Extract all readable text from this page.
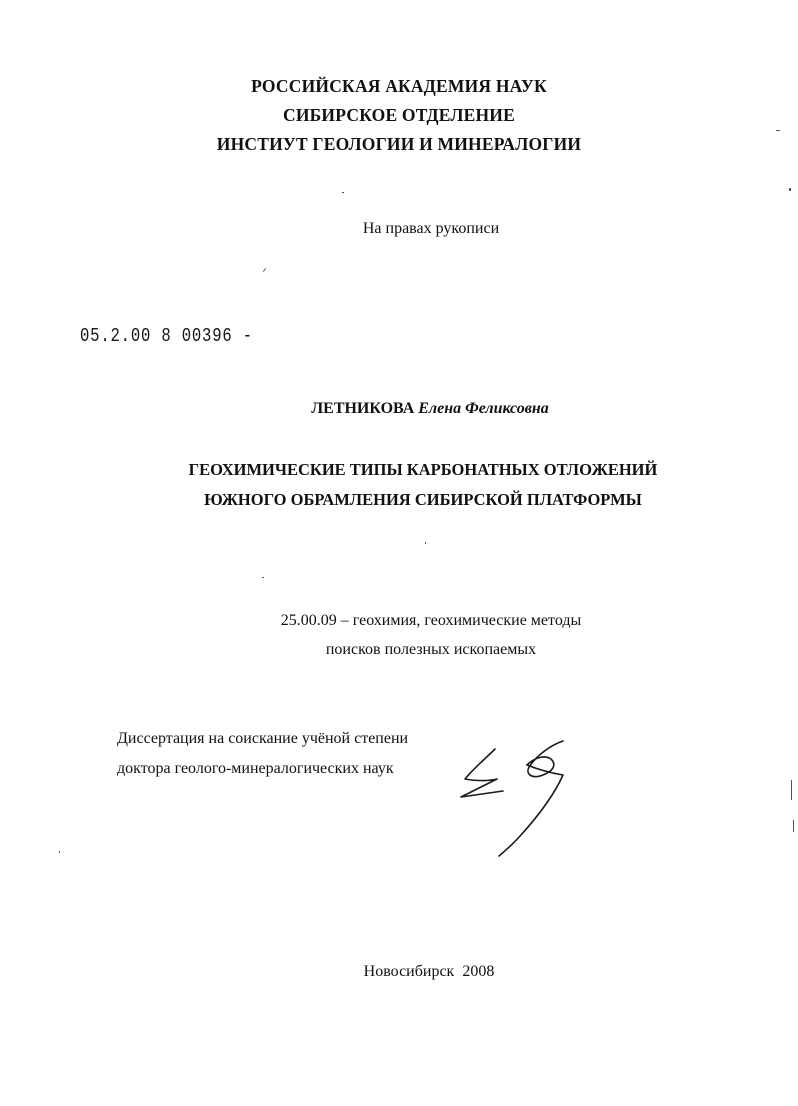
РОССИЙСКАЯ АКАДЕМИЯ НАУК
СИБИРСКОЕ ОТДЕЛЕНИЕ
ИНСТИУТ ГЕОЛОГИИ И МИНЕРАЛОГИИ
На правах рукописи
05.2.00 8 00396 -
ЛЕТНИКОВА Елена Феликсовна
ГЕОХИМИЧЕСКИЕ ТИПЫ КАРБОНАТНЫХ ОТЛОЖЕНИЙ
ЮЖНОГО ОБРАМЛЕНИЯ СИБИРСКОЙ ПЛАТФОРМЫ
25.00.09 – геохимия, геохимические методы
поисков полезных ископаемых
Диссертация на соискание учёной степени
доктора геолого-минералогических наук
Новосибирск  2008
